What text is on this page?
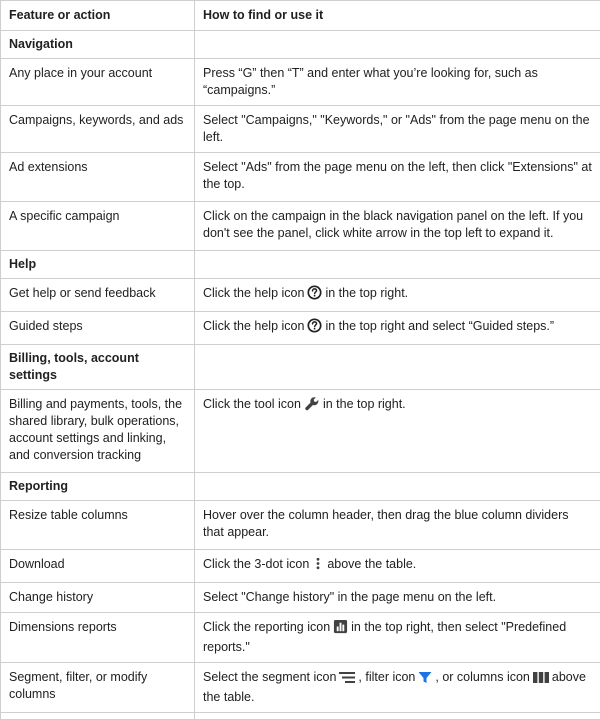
Feature or action	How to find or use it
Navigation	
Any place in your account	Press “G” then “T” and enter what you’re looking for, such as “campaigns.”
Campaigns, keywords, and ads	Select "Campaigns," "Keywords," or "Ads" from the page menu on the left.
Ad extensions	Select "Ads" from the page menu on the left, then click "Extensions" at the top.
A specific campaign	Click on the campaign in the black navigation panel on the left. If you don't see the panel, click white arrow in the top left to expand it.
Help	
Get help or send feedback	Click the help icon in the top right.
Guided steps	Click the help icon in the top right and select “Guided steps.”
Billing, tools, account settings	
Billing and payments, tools, the shared library, bulk operations, account settings and linking, and conversion tracking	Click the tool icon in the top right.
Reporting	
Resize table columns	Hover over the column header, then drag the blue column dividers that appear.
Download	Click the 3-dot icon above the table.
Change history	Select "Change history" in the page menu on the left.
Dimensions reports	Click the reporting icon in the top right, then select "Predefined reports."
Segment, filter, or modify columns	Select the segment icon , filter icon , or columns icon above the table.
